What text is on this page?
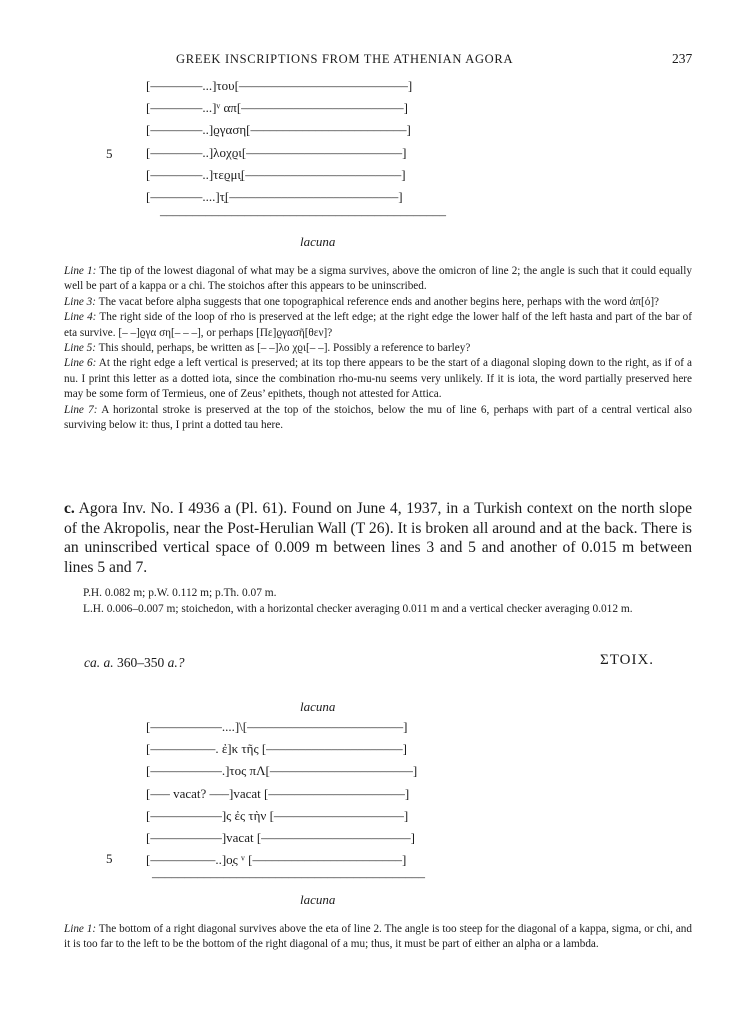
GREEK INSCRIPTIONS FROM THE ATHENIAN AGORA	237
[––––––––...]του[––––––––––––––––––––––––––]
[––––––––...]ᵛ απ[–––––––––––––––––––––––––]
[––––––––..]ϱγαση[––––––––––––––––––––––––]
[––––––––..]λοχϱι[––––––––––––––––––––––––]
[––––––––..]τεϱμι̣[––––––––––––––––––––––––]
[––––––––....]τ̣[––––––––––––––––––––––––––]
––––––––––––––––––––––––––––––––––––––––––––
5
lacuna

Line 1: The tip of the lowest diagonal of what may be a sigma survives, above the omicron of line 2; the angle is such that it could equally well be part of a kappa or a chi. The stoichos after this appears to be uninscribed.

Line 3: The vacat before alpha suggests that one topographical reference ends and another begins here, perhaps with the word ἀπ[ό]?

Line 4: The right side of the loop of rho is preserved at the left edge; at the right edge the lower half of the left hasta and part of the bar of eta survive. [– –]ϱγα ση[– – –], or perhaps [Πε]ϱγασῆ[θεν]?

Line 5: This should, perhaps, be written as [– –]λο χϱι[– –]. Possibly a reference to barley?

Line 6: At the right edge a left vertical is preserved; at its top there appears to be the start of a diagonal sloping down to the right, as if of a nu. I print this letter as a dotted iota, since the combination rho-mu-nu seems very unlikely. If it is iota, the word partially preserved here may be some form of Termieus, one of Zeus’ epithets, though not attested for Attica.

Line 7: A horizontal stroke is preserved at the top of the stoichos, below the mu of line 6, perhaps with part of a central vertical also surviving below it: thus, I print a dotted tau here.

c. Agora Inv. No. I 4936 a (Pl. 61). Found on June 4, 1937, in a Turkish context on the north slope of the Akropolis, near the Post-Herulian Wall (T 26). It is broken all around and at the back. There is an uninscribed vertical space of 0.009 m between lines 3 and 5 and another of 0.015 m between lines 5 and 7.

P.H. 0.082 m; p.W. 0.112 m; p.Th. 0.07 m.

L.H. 0.006–0.007 m; stoichedon, with a horizontal checker averaging 0.011 m and a vertical checker averaging 0.012 m.

ca. a. 360–350 a.?	ΣΤΟΙΧ.
lacuna
[–––––––––––....]\[––––––––––––––––––––––––]
[––––––––––. ἐ]κ τῆς [–––––––––––––––––––––]
[–––––––––––.]τος πΛ[––––––––––––––––––––––]
[––– vacat? –––]vacat [–––––––––––––––––––––]
[–––––––––––]ς ἐς τὴν [––––––––––––––––––––]
[–––––––––––]vacat [–––––––––––––––––––––––]
[––––––––––..]ο̣ς ᵛ [–––––––––––––––––––––––]
––––––––––––––––––––––––––––––––––––––––––
5
lacuna

Line 1: The bottom of a right diagonal survives above the eta of line 2. The angle is too steep for the diagonal of a kappa, sigma, or chi, and it is too far to the left to be the bottom of the right diagonal of a mu; thus, it must be part of either an alpha or a lambda.
